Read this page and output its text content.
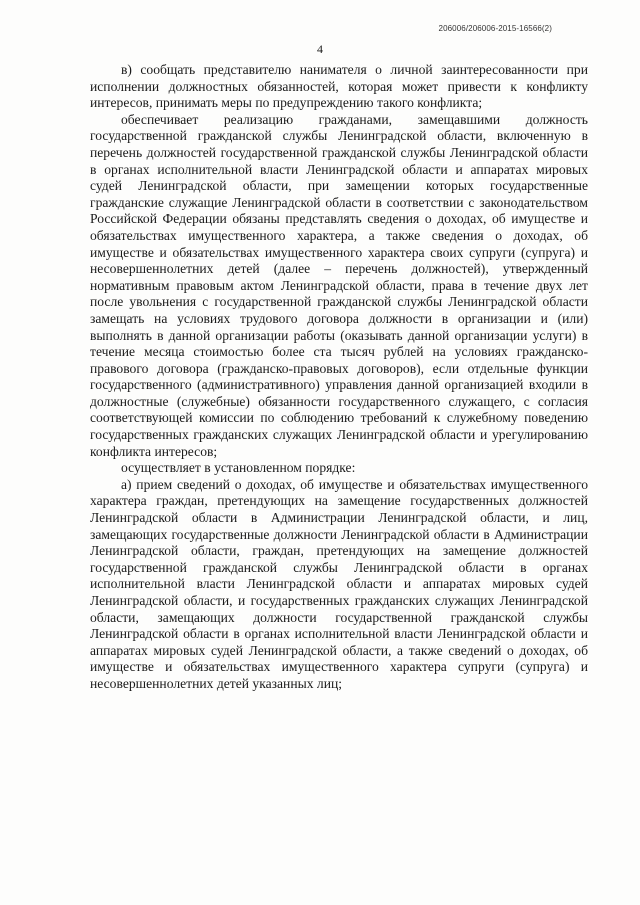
206006/206006-2015-16566(2)
4

в) сообщать представителю нанимателя о личной заинтересованности при исполнении должностных обязанностей, которая может привести к конфликту интересов, принимать меры по предупреждению такого конфликта;

обеспечивает реализацию гражданами, замещавшими должность государственной гражданской службы Ленинградской области, включенную в перечень должностей государственной гражданской службы Ленинградской области в органах исполнительной власти Ленинградской области и аппаратах мировых судей Ленинградской области, при замещении которых государственные гражданские служащие Ленинградской области в соответствии с законодательством Российской Федерации обязаны представлять сведения о доходах, об имуществе и обязательствах имущественного характера, а также сведения о доходах, об имуществе и обязательствах имущественного характера своих супруги (супруга) и несовершеннолетних детей (далее – перечень должностей), утвержденный нормативным правовым актом Ленинградской области, права в течение двух лет после увольнения с государственной гражданской службы Ленинградской области замещать на условиях трудового договора должности в организации и (или) выполнять в данной организации работы (оказывать данной организации услуги) в течение месяца стоимостью более ста тысяч рублей на условиях гражданско-правового договора (гражданско-правовых договоров), если отдельные функции государственного (административного) управления данной организацией входили в должностные (служебные) обязанности государственного служащего, с согласия соответствующей комиссии по соблюдению требований к служебному поведению государственных гражданских служащих Ленинградской области и урегулированию конфликта интересов;

осуществляет в установленном порядке:

а) прием сведений о доходах, об имуществе и обязательствах имущественного характера граждан, претендующих на замещение государственных должностей Ленинградской области в Администрации Ленинградской области, и лиц, замещающих государственные должности Ленинградской области в Администрации Ленинградской области, граждан, претендующих на замещение должностей государственной гражданской службы Ленинградской области в органах исполнительной власти Ленинградской области и аппаратах мировых судей Ленинградской области, и государственных гражданских служащих Ленинградской области, замещающих должности государственной гражданской службы Ленинградской области в органах исполнительной власти Ленинградской области и аппаратах мировых судей Ленинградской области, а также сведений о доходах, об имуществе и обязательствах имущественного характера супруги (супруга) и несовершеннолетних детей указанных лиц;
